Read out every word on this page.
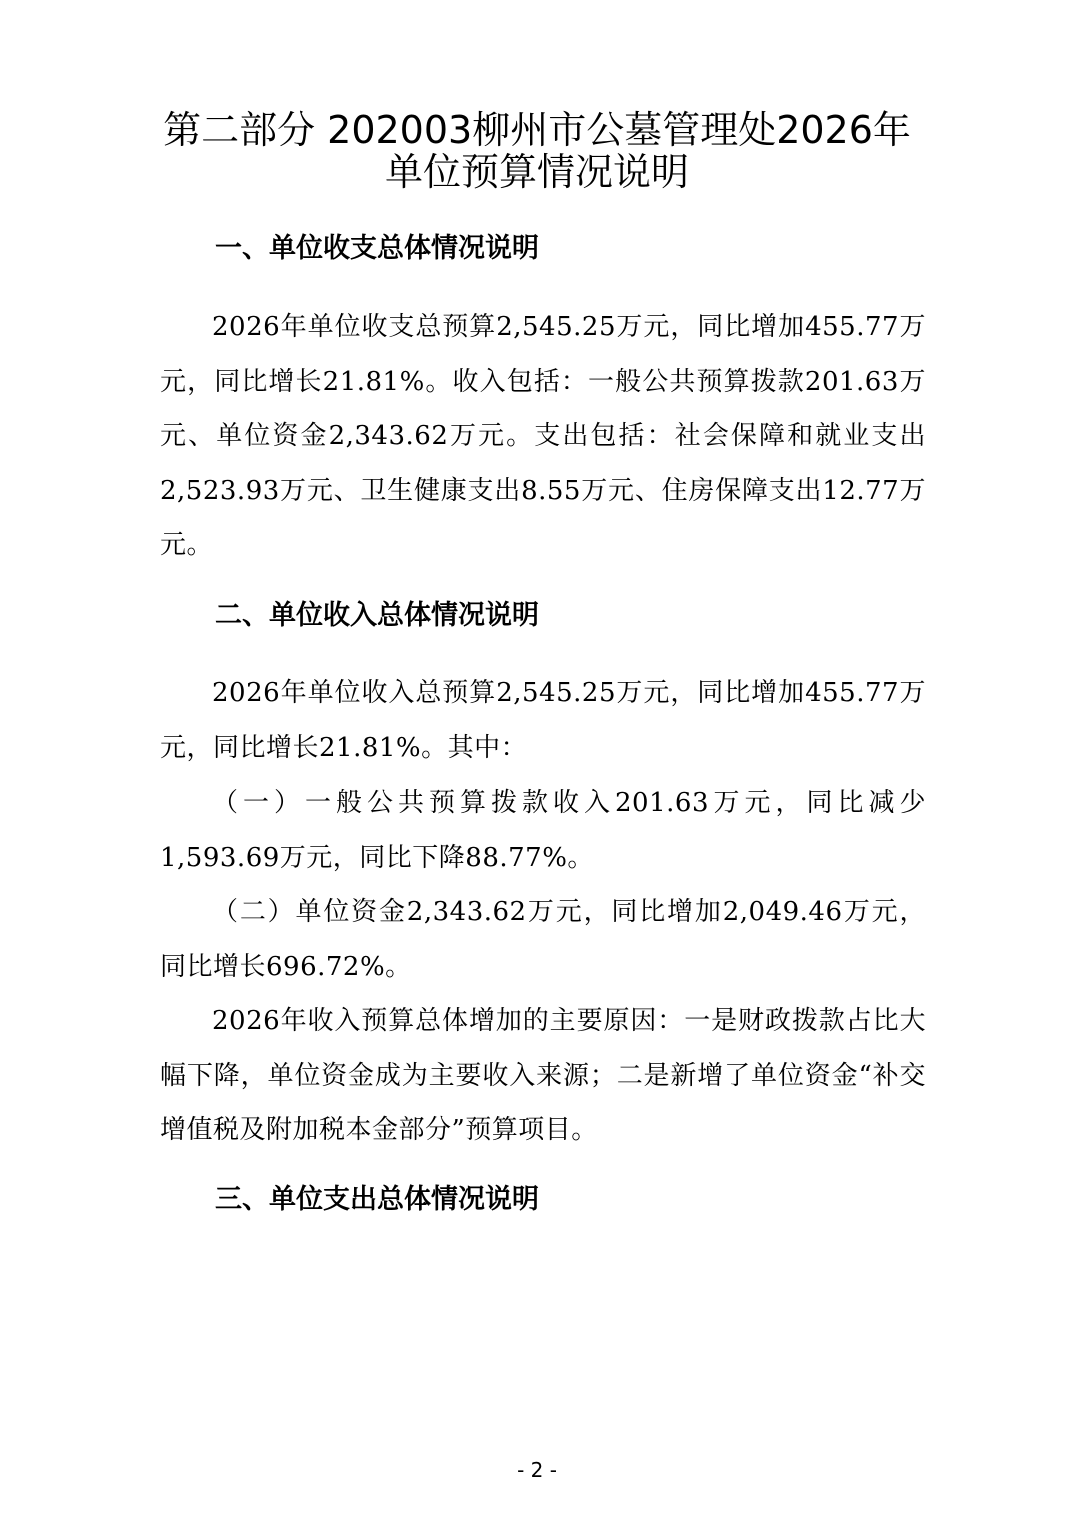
第二部分 202003柳州市公墓管理处2026年
单位预算情况说明
一、单位收支总体情况说明

2026年单位收支总预算2,545.25万元，同比增加455.77万元，同比增长21.81%。收入包括：一般公共预算拨款201.63万元、单位资金2,343.62万元。支出包括：社会保障和就业支出2,523.93万元、卫生健康支出8.55万元、住房保障支出12.77万元。

二、单位收入总体情况说明

2026年单位收入总预算2,545.25万元，同比增加455.77万元，同比增长21.81%。其中：

（一）一般公共预算拨款收入201.63万元，同比减少1,593.69万元，同比下降88.77%。

（二）单位资金2,343.62万元，同比增加2,049.46万元，同比增长696.72%。

2026年收入预算总体增加的主要原因：一是财政拨款占比大幅下降，单位资金成为主要收入来源；二是新增了单位资金“补交增值税及附加税本金部分”预算项目。

三、单位支出总体情况说明
- 2 -
